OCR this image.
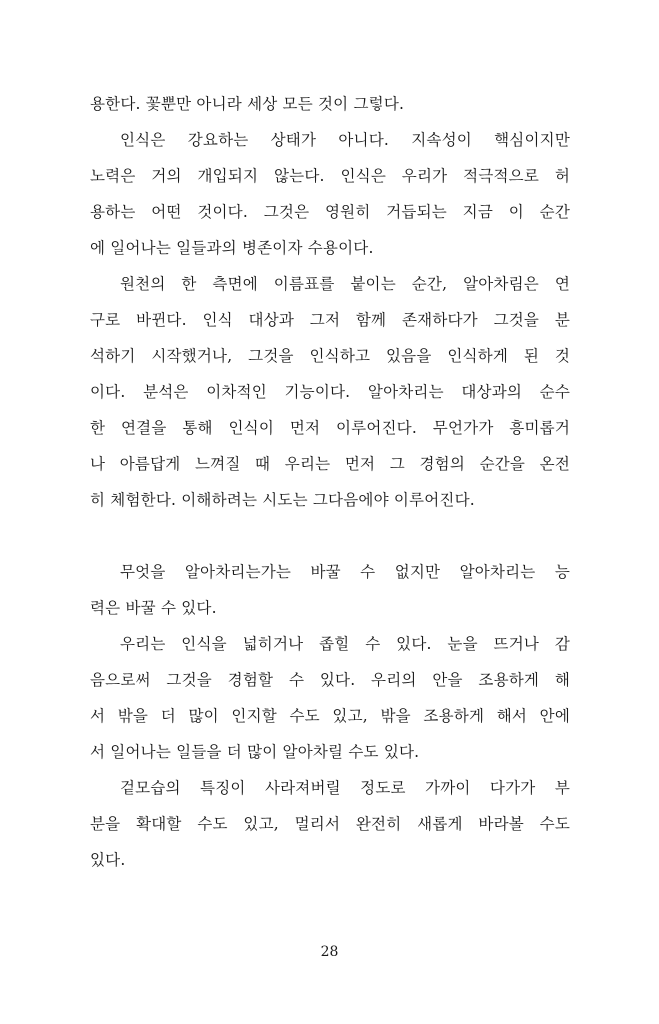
용한다. 꽃뿐만 아니라 세상 모든 것이 그렇다.
인식은 강요하는 상태가 아니다. 지속성이 핵심이지만
노력은 거의 개입되지 않는다. 인식은 우리가 적극적으로 허
용하는 어떤 것이다. 그것은 영원히 거듭되는 지금 이 순간
에 일어나는 일들과의 병존이자 수용이다.
원천의 한 측면에 이름표를 붙이는 순간, 알아차림은 연
구로 바뀐다. 인식 대상과 그저 함께 존재하다가 그것을 분
석하기 시작했거나, 그것을 인식하고 있음을 인식하게 된 것
이다. 분석은 이차적인 기능이다. 알아차리는 대상과의 순수
한 연결을 통해 인식이 먼저 이루어진다. 무언가가 흥미롭거
나 아름답게 느껴질 때 우리는 먼저 그 경험의 순간을 온전
히 체험한다. 이해하려는 시도는 그다음에야 이루어진다.
무엇을 알아차리는가는 바꿀 수 없지만 알아차리는 능
력은 바꿀 수 있다.
우리는 인식을 넓히거나 좁힐 수 있다. 눈을 뜨거나 감
음으로써 그것을 경험할 수 있다. 우리의 안을 조용하게 해
서 밖을 더 많이 인지할 수도 있고, 밖을 조용하게 해서 안에
서 일어나는 일들을 더 많이 알아차릴 수도 있다.
겉모습의 특징이 사라져버릴 정도로 가까이 다가가 부
분을 확대할 수도 있고, 멀리서 완전히 새롭게 바라볼 수도
있다.
28
